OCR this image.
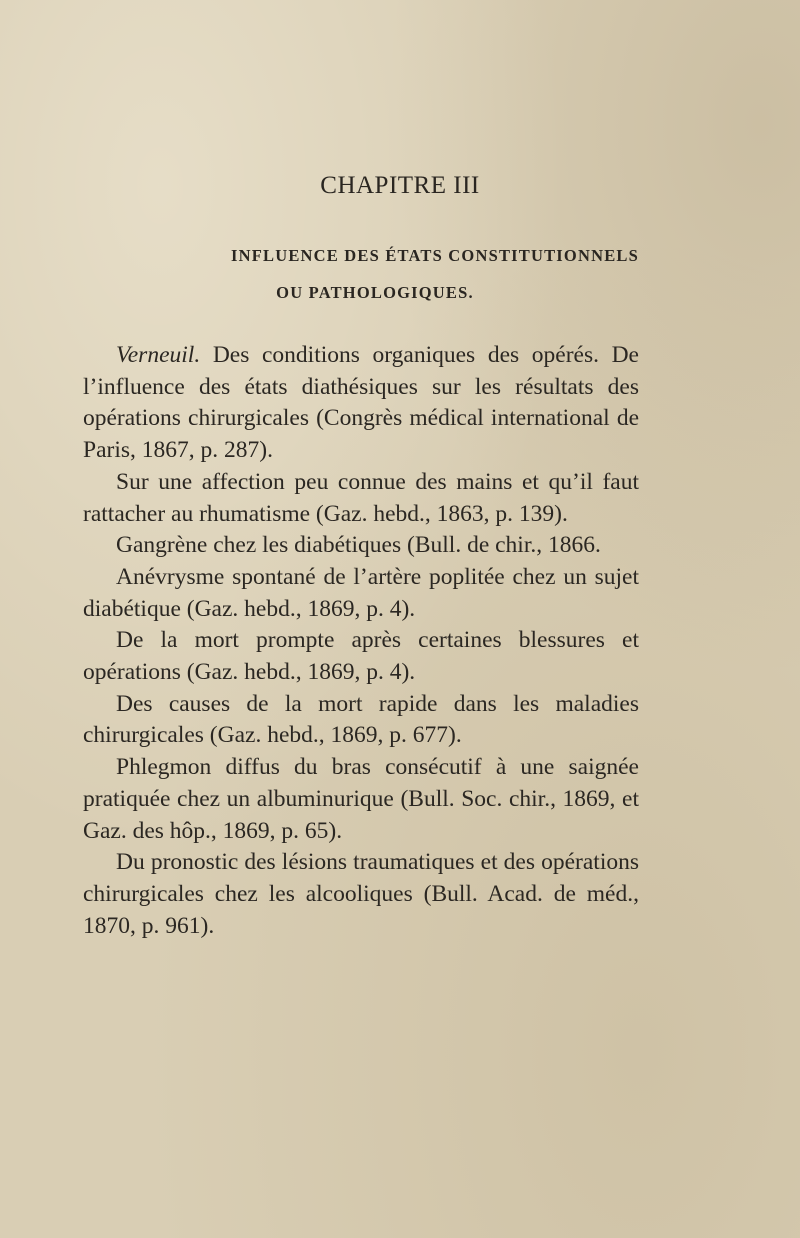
CHAPITRE III

INFLUENCE DES ÉTATS CONSTITUTIONNELS

OU PATHOLOGIQUES.

Verneuil. Des conditions organiques des opérés. De l’influence des états diathésiques sur les résultats des opérations chirurgicales (Congrès médical international de Paris, 1867, p. 287).

Sur une affection peu connue des mains et qu’il faut rattacher au rhumatisme (Gaz. hebd., 1863, p. 139).

Gangrène chez les diabétiques (Bull. de chir., 1866.

Anévrysme spontané de l’artère poplitée chez un sujet diabétique (Gaz. hebd., 1869, p. 4).

De la mort prompte après certaines blessures et opérations (Gaz. hebd., 1869, p. 4).

Des causes de la mort rapide dans les maladies chirurgicales (Gaz. hebd., 1869, p. 677).

Phlegmon diffus du bras consécutif à une saignée pratiquée chez un albuminurique (Bull. Soc. chir., 1869, et Gaz. des hôp., 1869, p. 65).

Du pronostic des lésions traumatiques et des opérations chirurgicales chez les alcooliques (Bull. Acad. de méd., 1870, p. 961).
